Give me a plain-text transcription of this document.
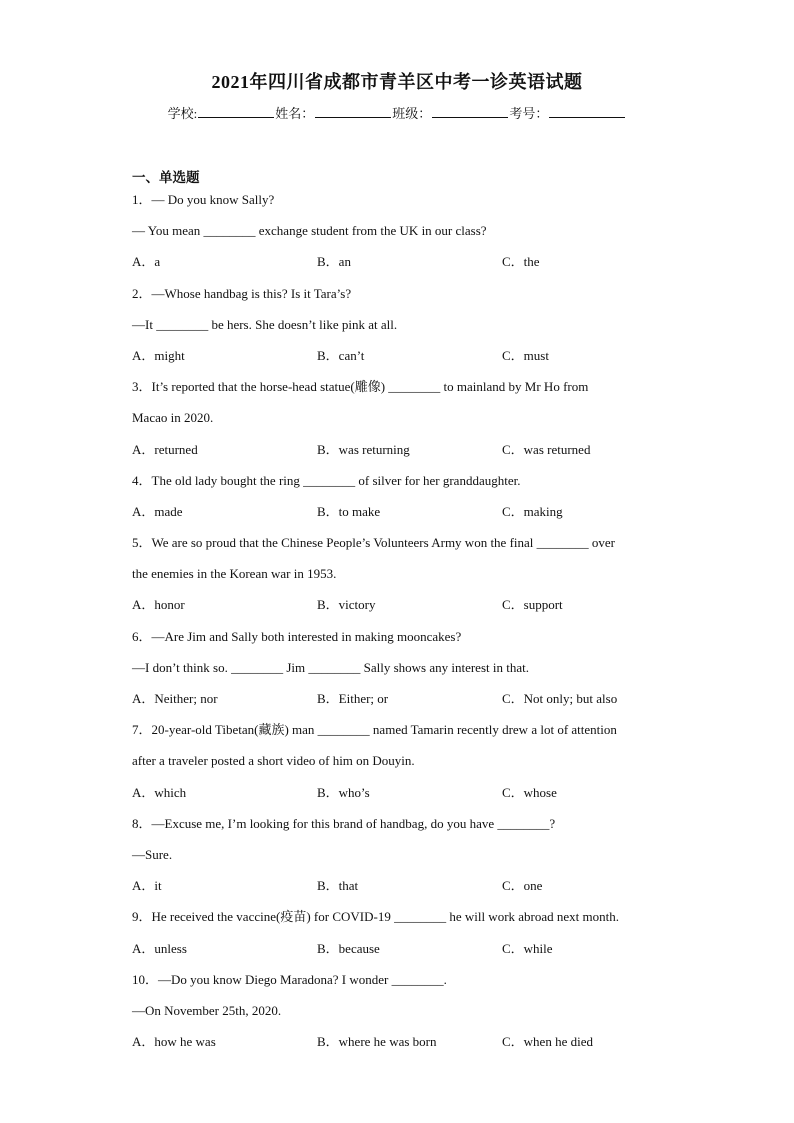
2021年四川省成都市青羊区中考一诊英语试题
学校:	姓名：	班级：	考号：
一、单选题
1．— Do you know Sally?
— You mean ________ exchange student from the UK in our class?
A．a	B．an	C．the
2．—Whose handbag is this? Is it Tara’s?
—It ________ be hers. She doesn’t like pink at all.
A．might	B．can’t	C．must
3．It’s reported that the horse-head statue(雕像) ________ to mainland by Mr Ho from
Macao in 2020.
A．returned	B．was returning	C．was returned
4．The old lady bought the ring ________ of silver for her granddaughter.
A．made	B．to make	C．making
5．We are so proud that the Chinese People’s Volunteers Army won the final ________ over
the enemies in the Korean war in 1953.
A．honor	B．victory	C．support
6．—Are Jim and Sally both interested in making mooncakes?
—I don’t think so. ________ Jim ________ Sally shows any interest in that.
A．Neither; nor	B．Either; or	C．Not only; but also
7．20-year-old Tibetan(藏族) man ________ named Tamarin recently drew a lot of attention
after a traveler posted a short video of him on Douyin.
A．which	B．who’s	C．whose
8．—Excuse me, I’m looking for this brand of handbag, do you have ________?
—Sure.
A．it	B．that	C．one
9．He received the vaccine(疫苗) for COVID-19 ________ he will work abroad next month.
A．unless	B．because	C．while
10．—Do you know Diego Maradona? I wonder ________.
—On November 25th, 2020.
A．how he was	B．where he was born	C．when he died
